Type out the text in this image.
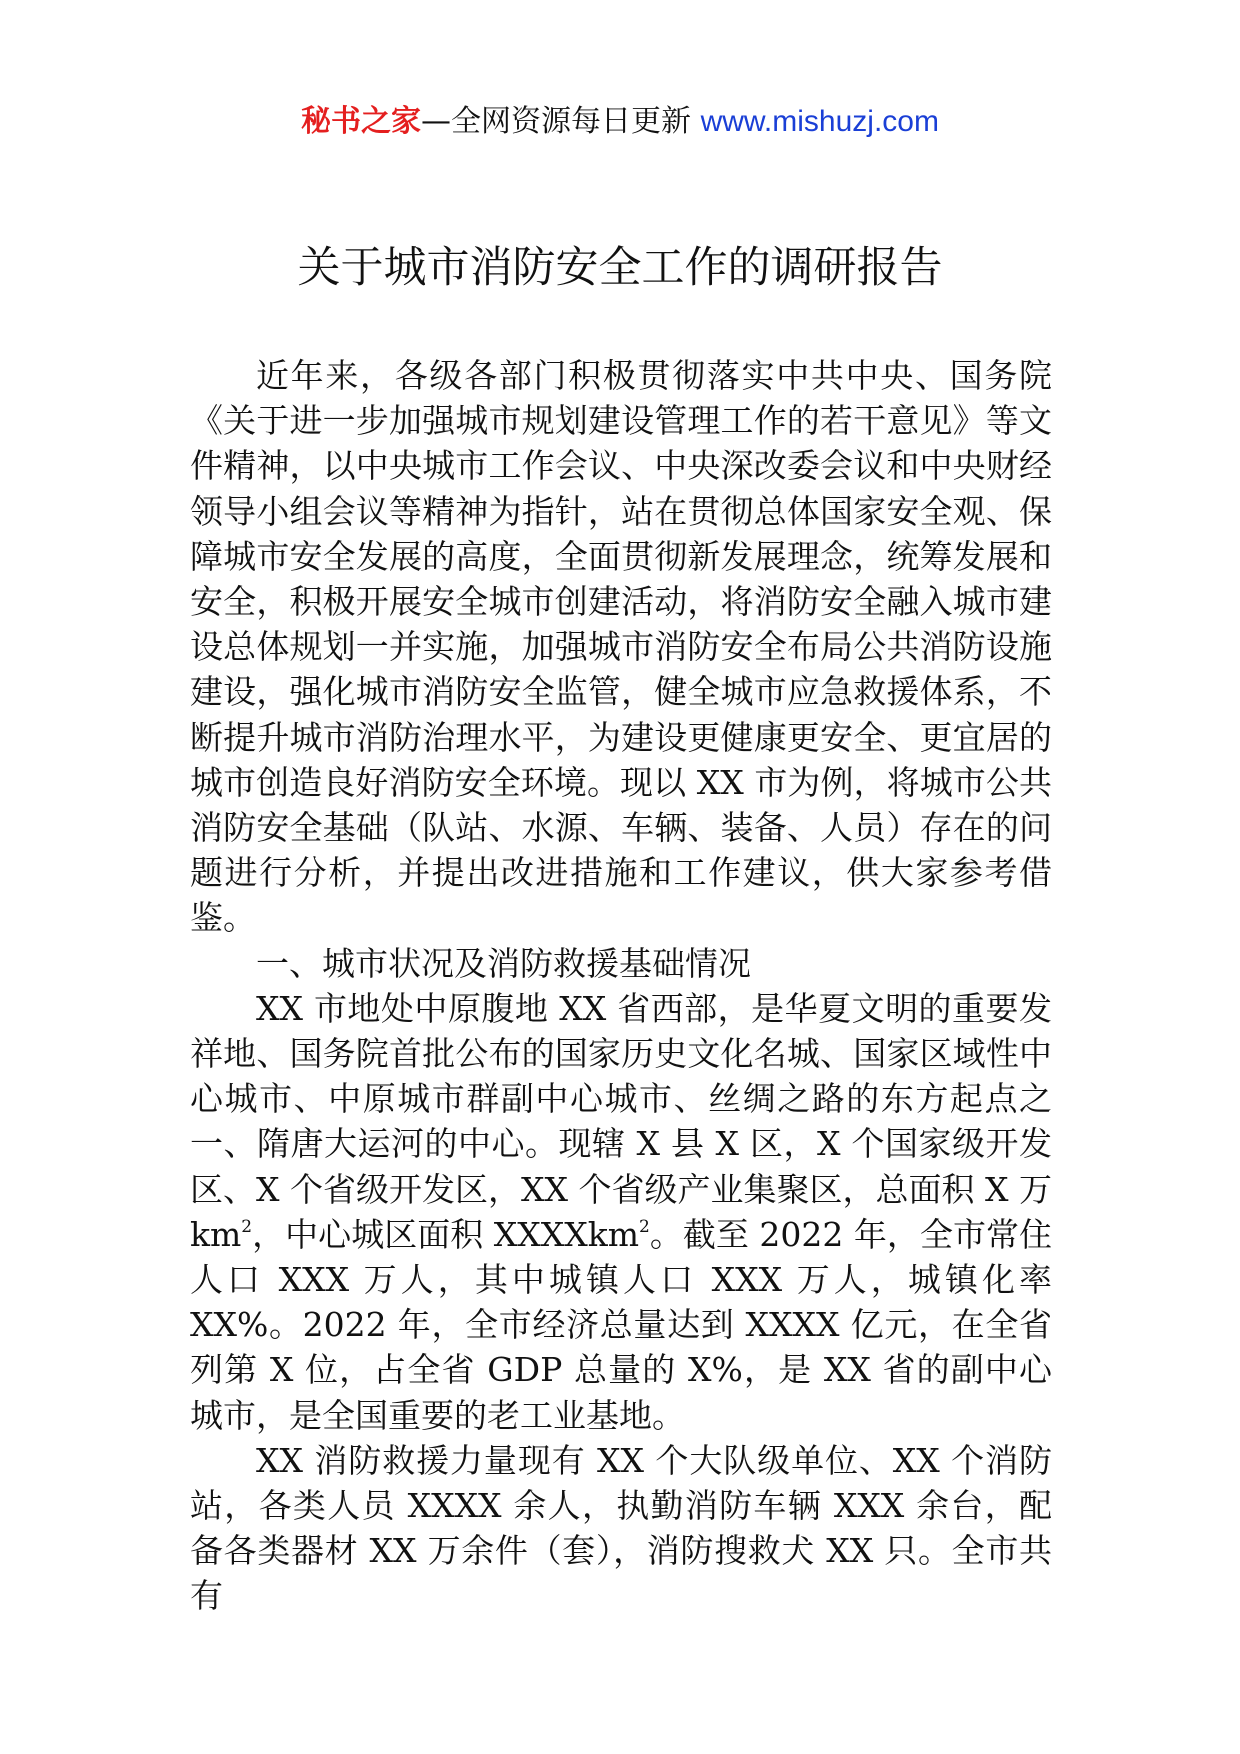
秘书之家—全网资源每日更新 www.mishuzj.com
关于城市消防安全工作的调研报告

近年来，各级各部门积极贯彻落实中共中央、国务院《关于进一步加强城市规划建设管理工作的若干意见》等文件精神，以中央城市工作会议、中央深改委会议和中央财经领导小组会议等精神为指针，站在贯彻总体国家安全观、保障城市安全发展的高度，全面贯彻新发展理念，统筹发展和安全，积极开展安全城市创建活动，将消防安全融入城市建设总体规划一并实施，加强城市消防安全布局公共消防设施建设，强化城市消防安全监管，健全城市应急救援体系，不断提升城市消防治理水平，为建设更健康更安全、更宜居的城市创造良好消防安全环境。现以 XX 市为例，将城市公共消防安全基础（队站、水源、车辆、装备、人员）存在的问题进行分析，并提出改进措施和工作建议，供大家参考借鉴。

一、城市状况及消防救援基础情况

XX 市地处中原腹地 XX 省西部，是华夏文明的重要发祥地、国务院首批公布的国家历史文化名城、国家区域性中心城市、中原城市群副中心城市、丝绸之路的东方起点之一、隋唐大运河的中心。现辖 X 县 X 区，X 个国家级开发区、X 个省级开发区，XX 个省级产业集聚区，总面积 X 万 $km^2$，中心城区面积 XXXXkm$^2$。截至 2022 年，全市常住人口 XXX 万人，其中城镇人口 XXX 万人，城镇化率 XX%。2022 年，全市经济总量达到 XXXX 亿元，在全省列第 X 位，占全省 GDP 总量的 X%，是 XX 省的副中心城市，是全国重要的老工业基地。

XX 消防救援力量现有 XX 个大队级单位、XX 个消防站，各类人员 XXXX 余人，执勤消防车辆 XXX 余台，配备各类器材 XX 万余件（套），消防搜救犬 XX 只。全市共有
